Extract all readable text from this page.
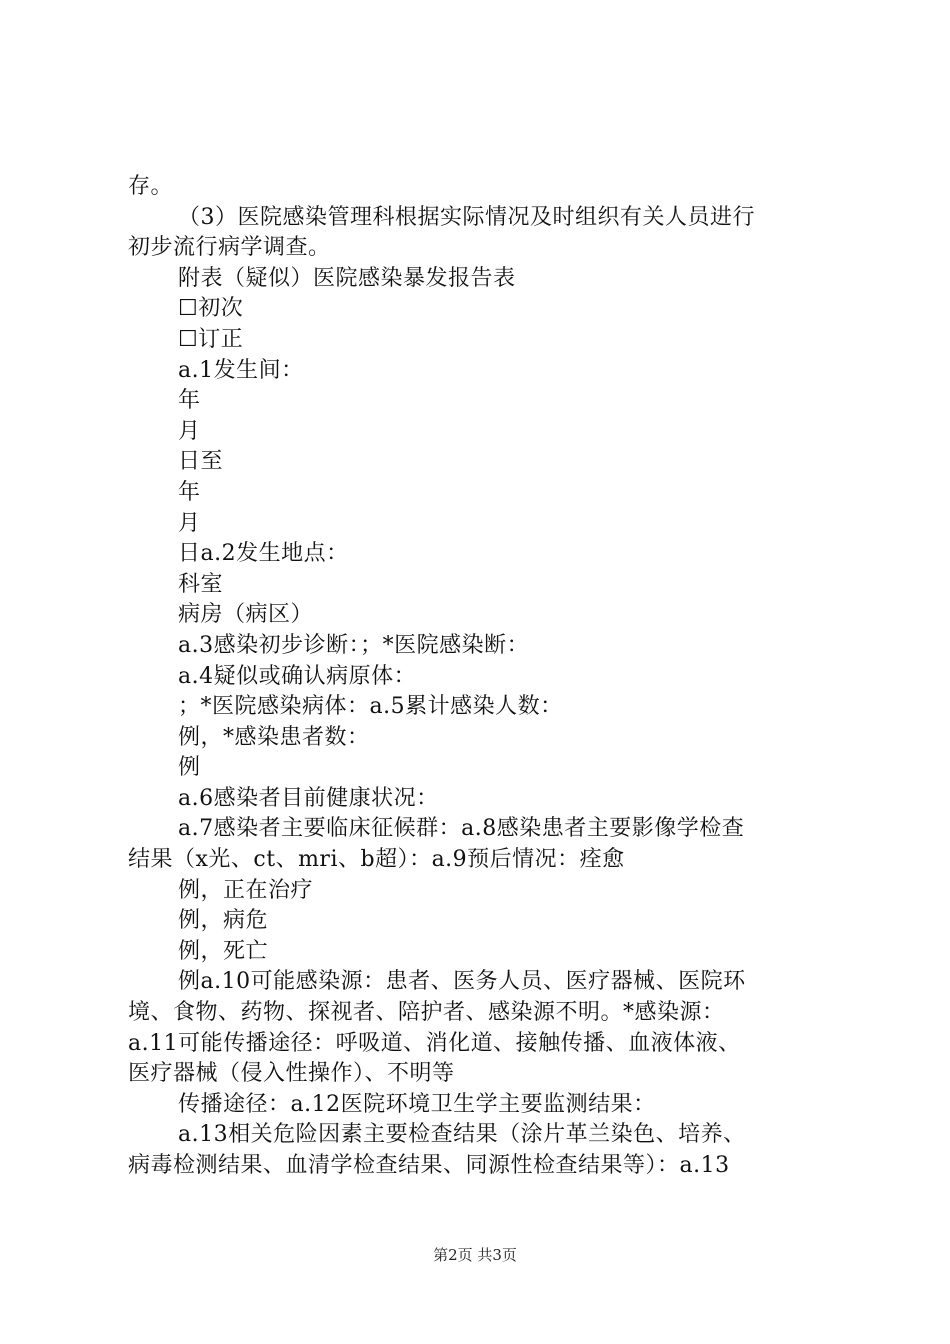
存。
（3）医院感染管理科根据实际情况及时组织有关人员进行
初步流行病学调查。
附表（疑似）医院感染暴发报告表
☐初次
☐订正
a.1发生间：
年
月
日至
年
月
日a.2发生地点：
科室
病房（病区）
a.3感染初步诊断：；*医院感染断：
a.4疑似或确认病原体：
；*医院感染病体：a.5累计感染人数：
例，*感染患者数：
例
a.6感染者目前健康状况：
a.7感染者主要临床征候群：a.8感染患者主要影像学检查
结果（x光、ct、mri、b超）：a.9预后情况：痊愈
例，正在治疗
例，病危
例，死亡
例a.10可能感染源：患者、医务人员、医疗器械、医院环
境、食物、药物、探视者、陪护者、感染源不明。*感染源：
a.11可能传播途径：呼吸道、消化道、接触传播、血液体液、
医疗器械（侵入性操作）、不明等
传播途径：a.12医院环境卫生学主要监测结果：
a.13相关危险因素主要检查结果（涂片革兰染色、培养、
病毒检测结果、血清学检查结果、同源性检查结果等）：a.13
第2页 共3页
